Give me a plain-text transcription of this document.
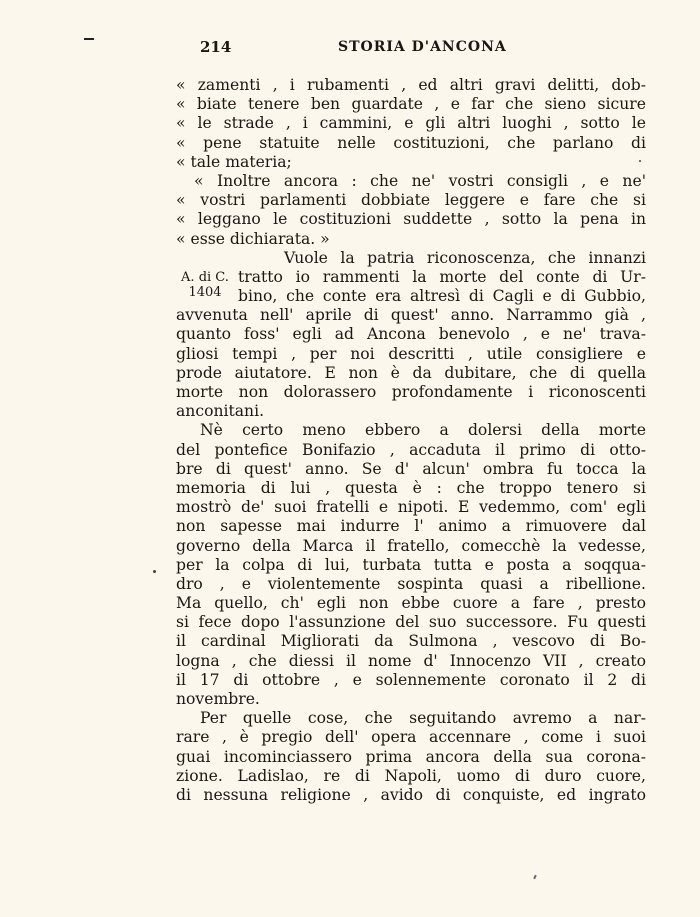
214	STORIA D'ANCONA
A. di C.
1404
« zamenti , i rubamenti , ed altri gravi delitti, dob-
« biate tenere ben guardate , e far che sieno sicure
« le strade , i cammini, e gli altri luoghi , sotto le
« pene statuite nelle costituzioni, che parlano di
« tale materia;
« Inoltre ancora : che ne' vostri consigli , e ne'
« vostri parlamenti dobbiate leggere e fare che si
« leggano le costituzioni suddette , sotto la pena in
« esse dichiarata. »
Vuole la patria riconoscenza, che innanzi
tratto io rammenti la morte del conte di Ur-
bino, che conte era altresì di Cagli e di Gubbio,
avvenuta nell' aprile di quest' anno. Narrammo già ,
quanto foss' egli ad Ancona benevolo , e ne' trava-
gliosi tempi , per noi descritti , utile consigliere e
prode aiutatore. E non è da dubitare, che di quella
morte non dolorassero profondamente i riconoscenti
anconitani.
Nè certo meno ebbero a dolersi della morte
del pontefice Bonifazio , accaduta il primo di otto-
bre di quest' anno. Se d' alcun' ombra fu tocca la
memoria di lui , questa è : che troppo tenero si
mostrò de' suoi fratelli e nipoti. E vedemmo, com' egli
non sapesse mai indurre l' animo a rimuovere dal
governo della Marca il fratello, comecchè la vedesse,
per la colpa di lui, turbata tutta e posta a soqqua-
dro , e violentemente sospinta quasi a ribellione.
Ma quello, ch' egli non ebbe cuore a fare , presto
si fece dopo l'assunzione del suo successore. Fu questi
il cardinal Migliorati da Sulmona , vescovo di Bo-
logna , che diessi il nome d' Innocenzo VII , creato
il 17 di ottobre , e solennemente coronato il 2 di
novembre.
Per quelle cose, che seguitando avremo a nar-
rare , è pregio dell' opera accennare , come i suoi
guai incominciassero prima ancora della sua corona-
zione. Ladislao, re di Napoli, uomo di duro cuore,
di nessuna religione , avido di conquiste, ed ingrato
